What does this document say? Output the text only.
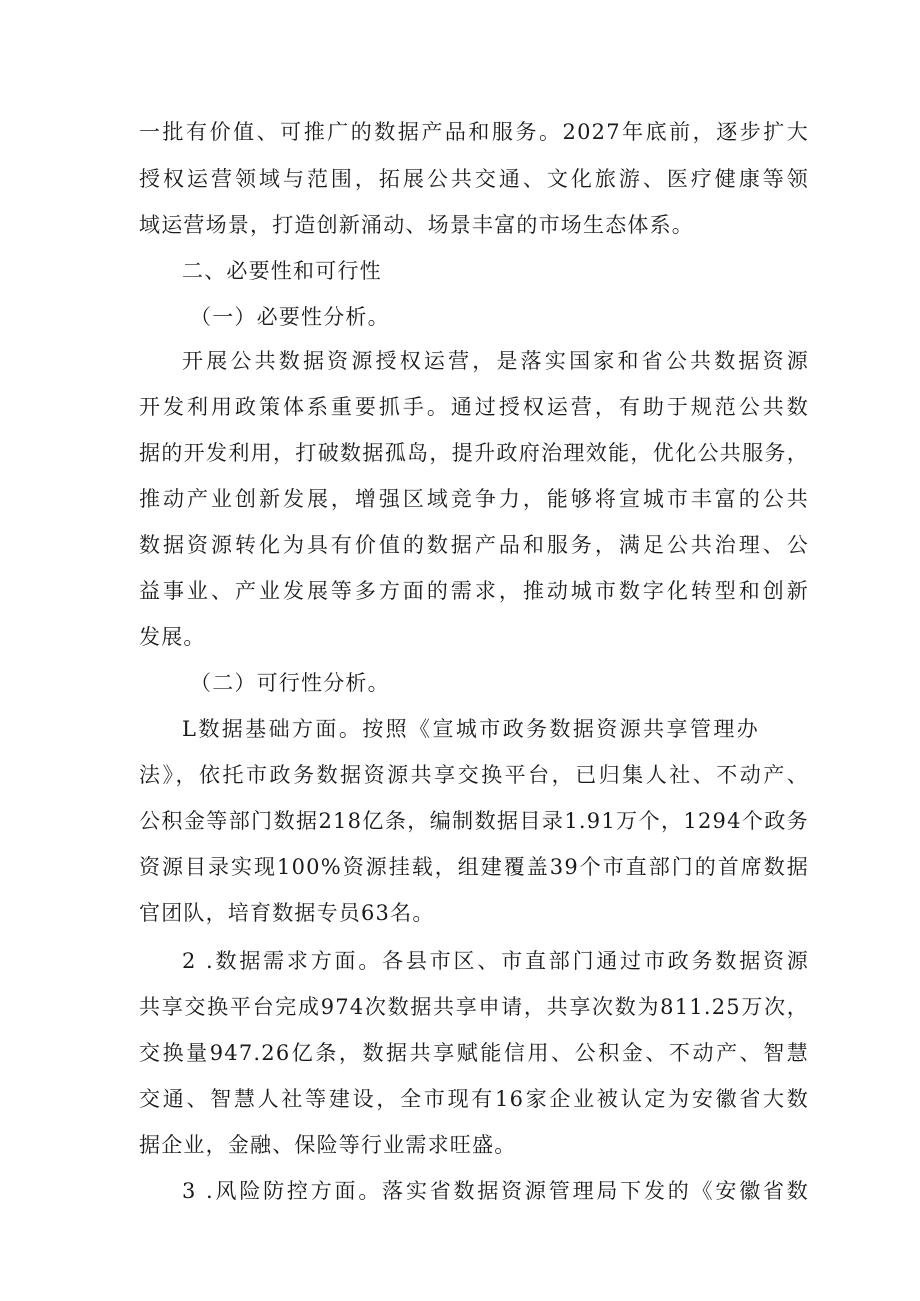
一批有价值、可推广的数据产品和服务。2027年底前，逐步扩大
授权运营领域与范围，拓展公共交通、文化旅游、医疗健康等领
域运营场景，打造创新涌动、场景丰富的市场生态体系。
二、必要性和可行性
（一）必要性分析。
开展公共数据资源授权运营，是落实国家和省公共数据资源
开发利用政策体系重要抓手。通过授权运营，有助于规范公共数
据的开发利用，打破数据孤岛，提升政府治理效能，优化公共服务，
推动产业创新发展，增强区域竞争力，能够将宣城市丰富的公共
数据资源转化为具有价值的数据产品和服务，满足公共治理、公
益事业、产业发展等多方面的需求，推动城市数字化转型和创新
发展。
（二）可行性分析。
L数据基础方面。按照《宣城市政务数据资源共享管理办
法》，依托市政务数据资源共享交换平台，已归集人社、不动产、
公积金等部门数据218亿条，编制数据目录1.91万个，1294个政务
资源目录实现100%资源挂载，组建覆盖39个市直部门的首席数据
官团队，培育数据专员63名。
2 .数据需求方面。各县市区、市直部门通过市政务数据资源
共享交换平台完成974次数据共享申请，共享次数为811.25万次，
交换量947.26亿条，数据共享赋能信用、公积金、不动产、智慧
交通、智慧人社等建设，全市现有16家企业被认定为安徽省大数
据企业，金融、保险等行业需求旺盛。
3 .风险防控方面。落实省数据资源管理局下发的《安徽省数
